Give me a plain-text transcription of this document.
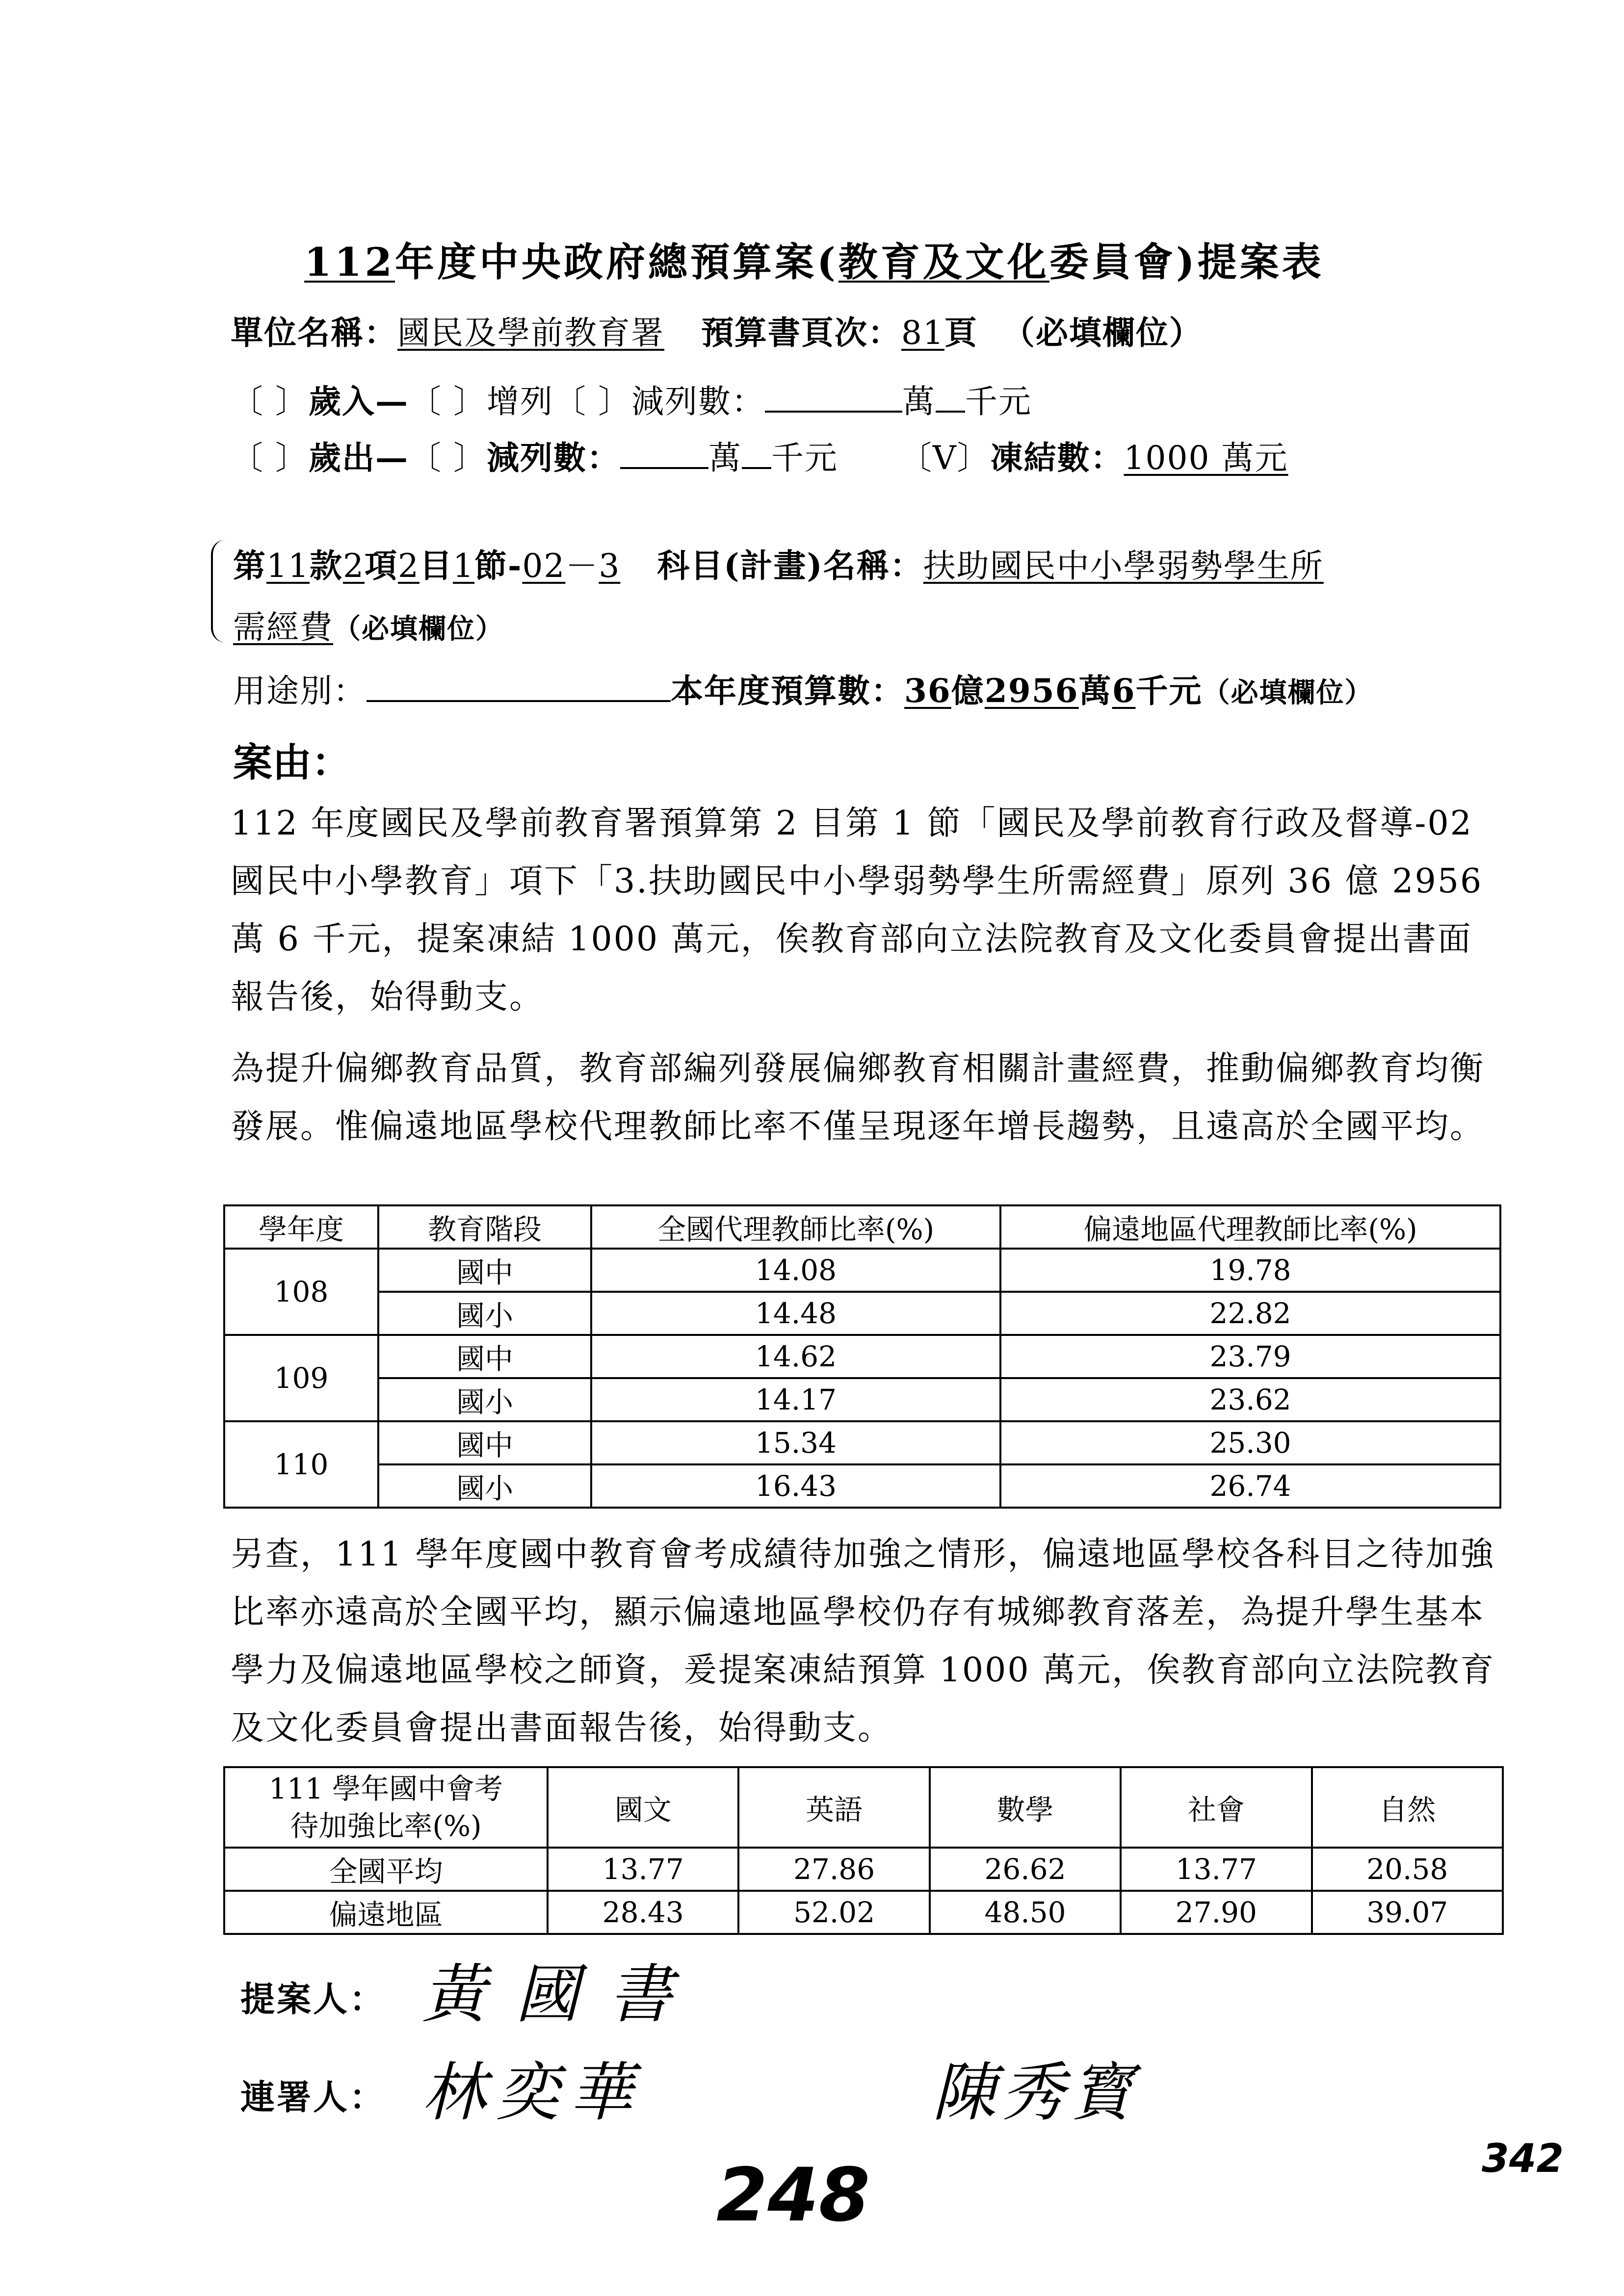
112年度中央政府總預算案(教育及文化委員會)提案表
單位名稱：國民及學前教育署 預算書頁次：81頁 （必填欄位）
〔 〕歲入—〔 〕增列〔 〕減列數：	萬 千元
〔 〕歲出—〔 〕減列數：	萬 千元 〔V〕凍結數：1000 萬元
第11款2項2目1節-02－3 科目(計畫)名稱：扶助國民中小學弱勢學生所
需經費（必填欄位）
用途別：	本年度預算數：36億2956萬6千元（必填欄位）
案由：
112 年度國民及學前教育署預算第 2 目第 1 節「國民及學前教育行政及督導-02 國民中小學教育」項下「3.扶助國民中小學弱勢學生所需經費」原列 36 億 2956 萬 6 千元，提案凍結 1000 萬元，俟教育部向立法院教育及文化委員會提出書面報告後，始得動支。
為提升偏鄉教育品質，教育部編列發展偏鄉教育相關計畫經費，推動偏鄉教育均衡發展。惟偏遠地區學校代理教師比率不僅呈現逐年增長趨勢，且遠高於全國平均。
學年度	教育階段	全國代理教師比率(%)	偏遠地區代理教師比率(%)
108	國中	14.08	19.78
	國小	14.48	22.82
109	國中	14.62	23.79
	國小	14.17	23.62
110	國中	15.34	25.30
	國小	16.43	26.74
另查，111 學年度國中教育會考成績待加強之情形，偏遠地區學校各科目之待加強比率亦遠高於全國平均，顯示偏遠地區學校仍存有城鄉教育落差，為提升學生基本學力及偏遠地區學校之師資，爰提案凍結預算 1000 萬元，俟教育部向立法院教育及文化委員會提出書面報告後，始得動支。
111 學年國中會考
待加強比率(%)	國文	英語	數學	社會	自然
全國平均	13.77	27.86	26.62	13.77	20.58
偏遠地區	28.43	52.02	48.50	27.90	39.07
提案人： 黃國書
連署人： 林奕華	陳秀寳
248	342
